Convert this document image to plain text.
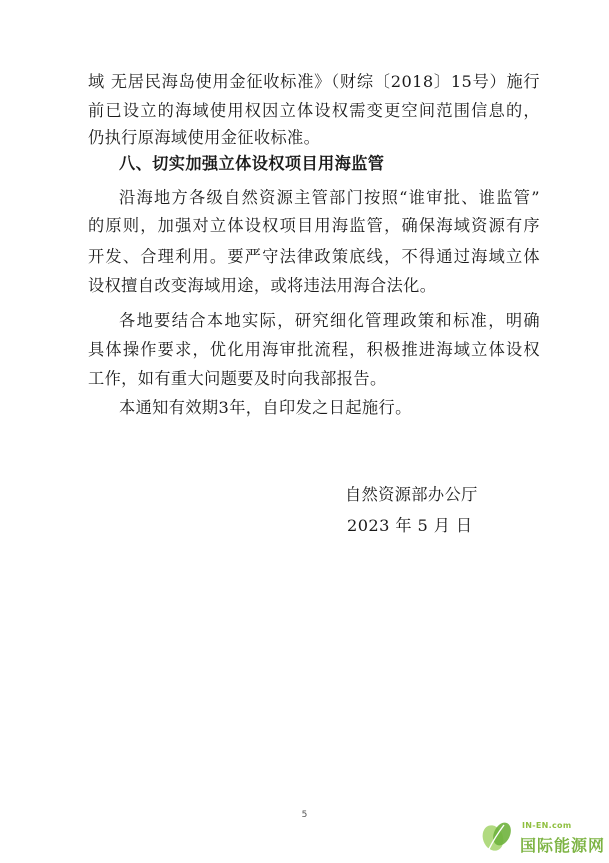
域 无居民海岛使用金征收标准》（财综〔2018〕15号）施行
前已设立的海域使用权因立体设权需变更空间范围信息的，
仍执行原海域使用金征收标准。
八、切实加强立体设权项目用海监管
沿海地方各级自然资源主管部门按照“谁审批、谁监管”
的原则，加强对立体设权项目用海监管，确保海域资源有序
开发、合理利用。要严守法律政策底线，不得通过海域立体
设权擅自改变海域用途，或将违法用海合法化。
各地要结合本地实际，研究细化管理政策和标准，明确
具体操作要求，优化用海审批流程，积极推进海域立体设权
工作，如有重大问题要及时向我部报告。
本通知有效期3年，自印发之日起施行。
自然资源部办公厅
2023 年 5 月 日
5
IN-EN.com
国际能源网
